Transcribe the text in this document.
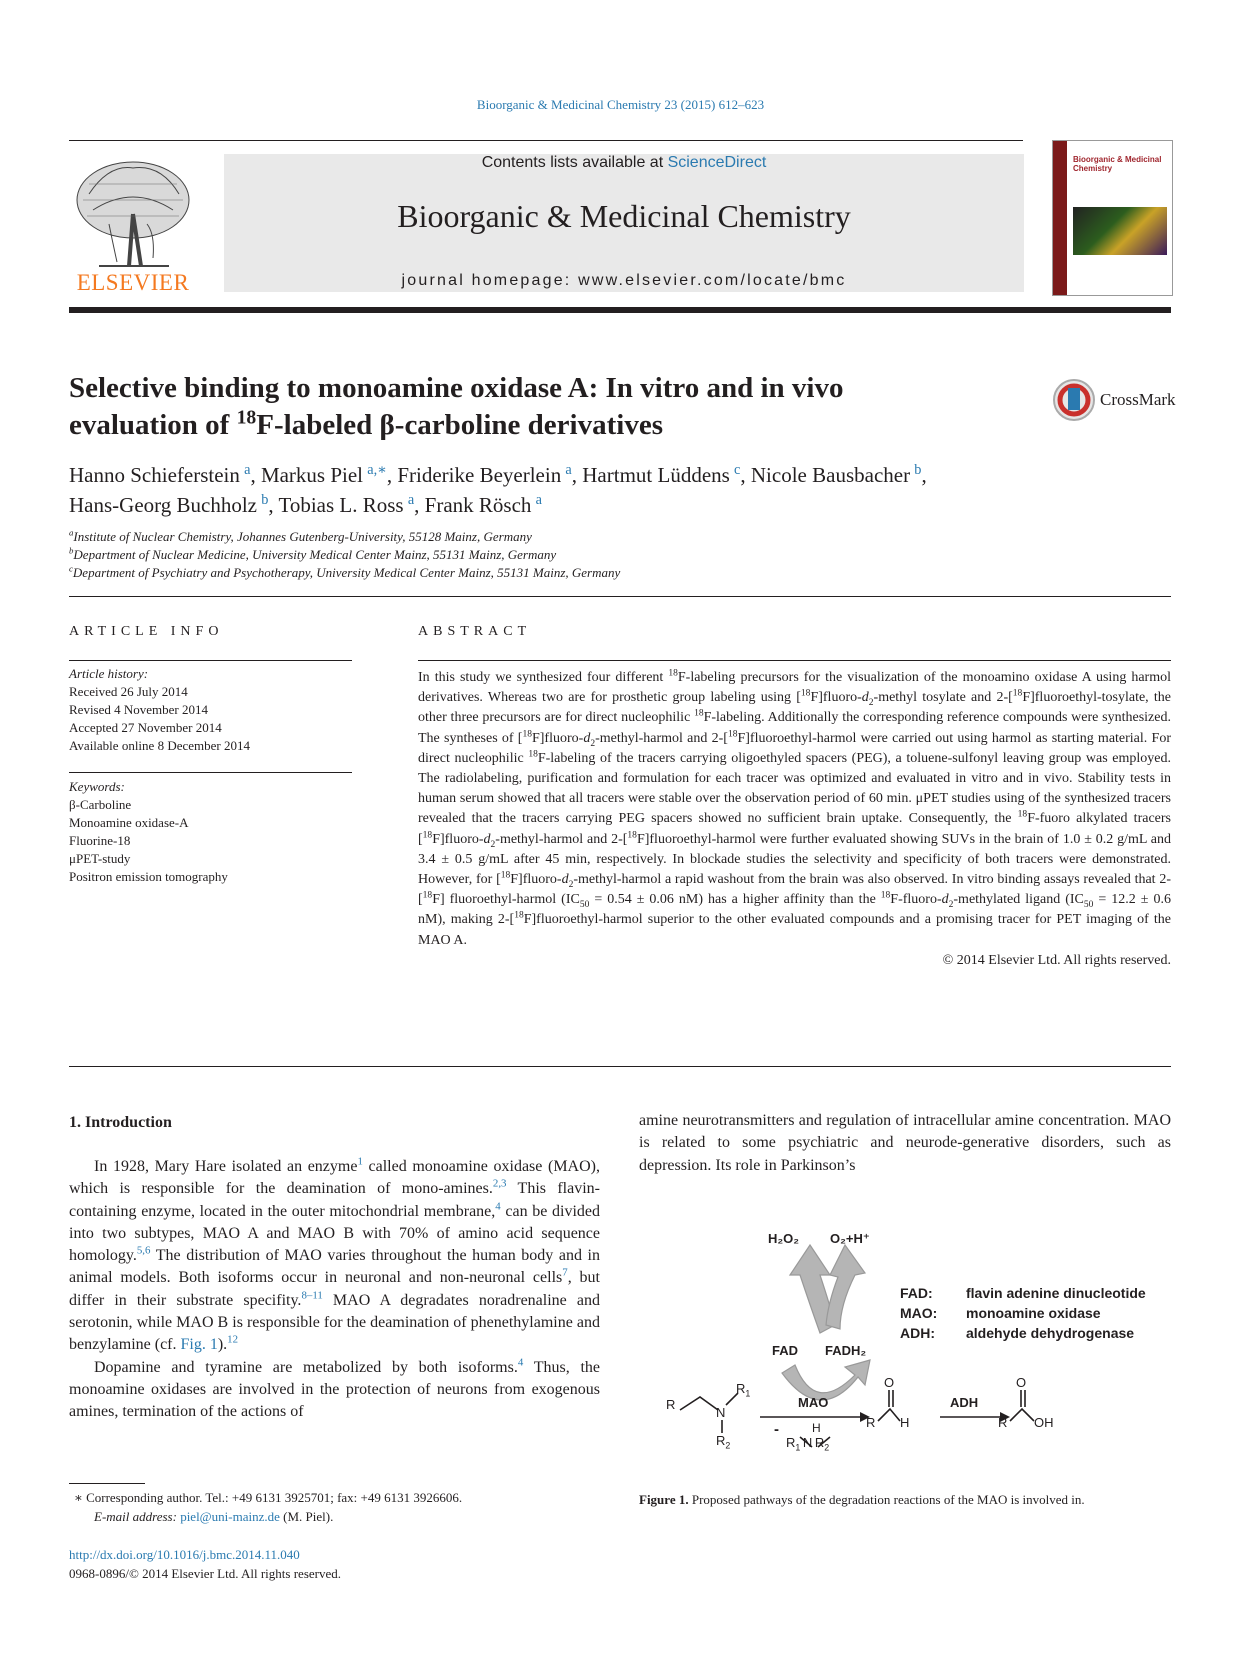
Bioorganic & Medicinal Chemistry 23 (2015) 612–623
ELSEVIER
Contents lists available at ScienceDirect
Bioorganic & Medicinal Chemistry
journal homepage: www.elsevier.com/locate/bmc
Bioorganic & Medicinal Chemistry
Selective binding to monoamine oxidase A: In vitro and in vivo
evaluation of $^{18}$F-labeled β-carboline derivatives
CrossMark
Hanno Schieferstein  $^a$, Markus Piel  $^{a,∗}$, Friderike Beyerlein  $^a$, Hartmut Lüddens  $^c$, Nicole Bausbacher  $^b$,
Hans-Georg Buchholz  $^b$, Tobias L. Ross  $^a$, Frank Rösch  $^a$
$^a$Institute of Nuclear Chemistry, Johannes Gutenberg-University, 55128 Mainz, Germany
$^b$Department of Nuclear Medicine, University Medical Center Mainz, 55131 Mainz, Germany
$^c$Department of Psychiatry and Psychotherapy, University Medical Center Mainz, 55131 Mainz, Germany
ARTICLE INFO
Article history:
Received 26 July 2014
Revised 4 November 2014
Accepted 27 November 2014
Available online 8 December 2014
Keywords:
β-Carboline
Monoamine oxidase-A
Fluorine-18
μPET-study
Positron emission tomography
ABSTRACT

In this study we synthesized four different $^{18}$F-labeling precursors for the visualization of the monoamino oxidase A using harmol derivatives. Whereas two are for prosthetic group labeling using $[^{18}F]fluoro-d_2$-methyl tosylate and 2-[$^{18}$F]fluoroethyl-tosylate, the other three precursors are for direct nucleophilic $^{18}$F-labeling. Additionally the corresponding reference compounds were synthesized. The syntheses of $[^{18}F]fluoro-d_2-methyl$-harmol and 2-[$^{18}$F]fluoroethyl-harmol were carried out using harmol as starting material. For direct nucleophilic $^{18}$F-labeling of the tracers carrying oligoethyled spacers (PEG), a toluene-sulfonyl leaving group was employed. The radiolabeling, purification and formulation for each tracer was optimized and evaluated in vitro and in vivo. Stability tests in human serum showed that all tracers were stable over the observation period of 60 min. μPET studies using of the synthesized tracers revealed that the tracers carrying PEG spacers showed no sufficient brain uptake. Consequently, the $^{18}$F-fuoro alkylated tracers $[^{18}F]fluoro-d_2-methyl$-harmol and 2-[$^{18}$F]fluoroethyl-harmol were further evaluated showing SUVs in the brain of 1.0 ± 0.2 g/mL and 3.4 ± 0.5 g/mL after 45 min, respectively. In blockade studies the selectivity and specificity of both tracers were demonstrated. However, for $[^{18}F]fluoro-d_2-methyl$-harmol a rapid washout from the brain was also observed. In vitro binding assays revealed that 2-[$^{18}$F] fluoroethyl-harmol ($IC_{50} = 0.54 \pm 0.06$ nM) has a higher affinity than the $^{18}F-fluoro-d_2$-methylated ligand ($IC_{50} = 12.2 \pm 0.6$ nM), making 2-[$^{18}$F]fluoroethyl-harmol superior to the other evaluated compounds and a promising tracer for PET imaging of the MAO A.

© 2014 Elsevier Ltd. All rights reserved.

1. Introduction

In 1928, Mary Hare isolated an enzyme$^1$ called monoamine oxidase (MAO), which is responsible for the deamination of mono-amines.$^{2,3}$ This flavin-containing enzyme, located in the outer mitochondrial membrane,$^4$ can be divided into two subtypes, MAO A and MAO B with 70% of amino acid sequence homology.$^{5,6}$ The distribution of MAO varies throughout the human body and in animal models. Both isoforms occur in neuronal and non-neuronal cells$^7$, but differ in their substrate specifity.$^{8-11}$ MAO A degradates noradrenaline and serotonin, while MAO B is responsible for the deamination of phenethylamine and benzylamine (cf. Fig. 1).$^{12}$

Dopamine and tyramine are metabolized by both isoforms.$^4$ Thus, the monoamine oxidases are involved in the protection of neurons from exogenous amines, termination of the actions of

amine neurotransmitters and regulation of intracellular amine concentration. MAO is related to some psychiatric and neurode-generative disorders, such as depression. Its role in Parkinson’s

H₂O₂ O₂+H⁺
FAD FADH₂
FAD: flavin adenine dinucleotide
MAO: monoamine oxidase
ADH: aldehyde dehydrogenase
R
N
$R_1$
$R_2$
MAO
-	H
$R_1$ N $R_2$
O
R H
ADH
O
R OH
Figure 1. Proposed pathways of the degradation reactions of the MAO is involved in.
∗ Corresponding author. Tel.: +49 6131 3925701; fax: +49 6131 3926606.
E-mail address: piel@uni-mainz.de (M. Piel).
http://dx.doi.org/10.1016/j.bmc.2014.11.040
0968-0896/© 2014 Elsevier Ltd. All rights reserved.
